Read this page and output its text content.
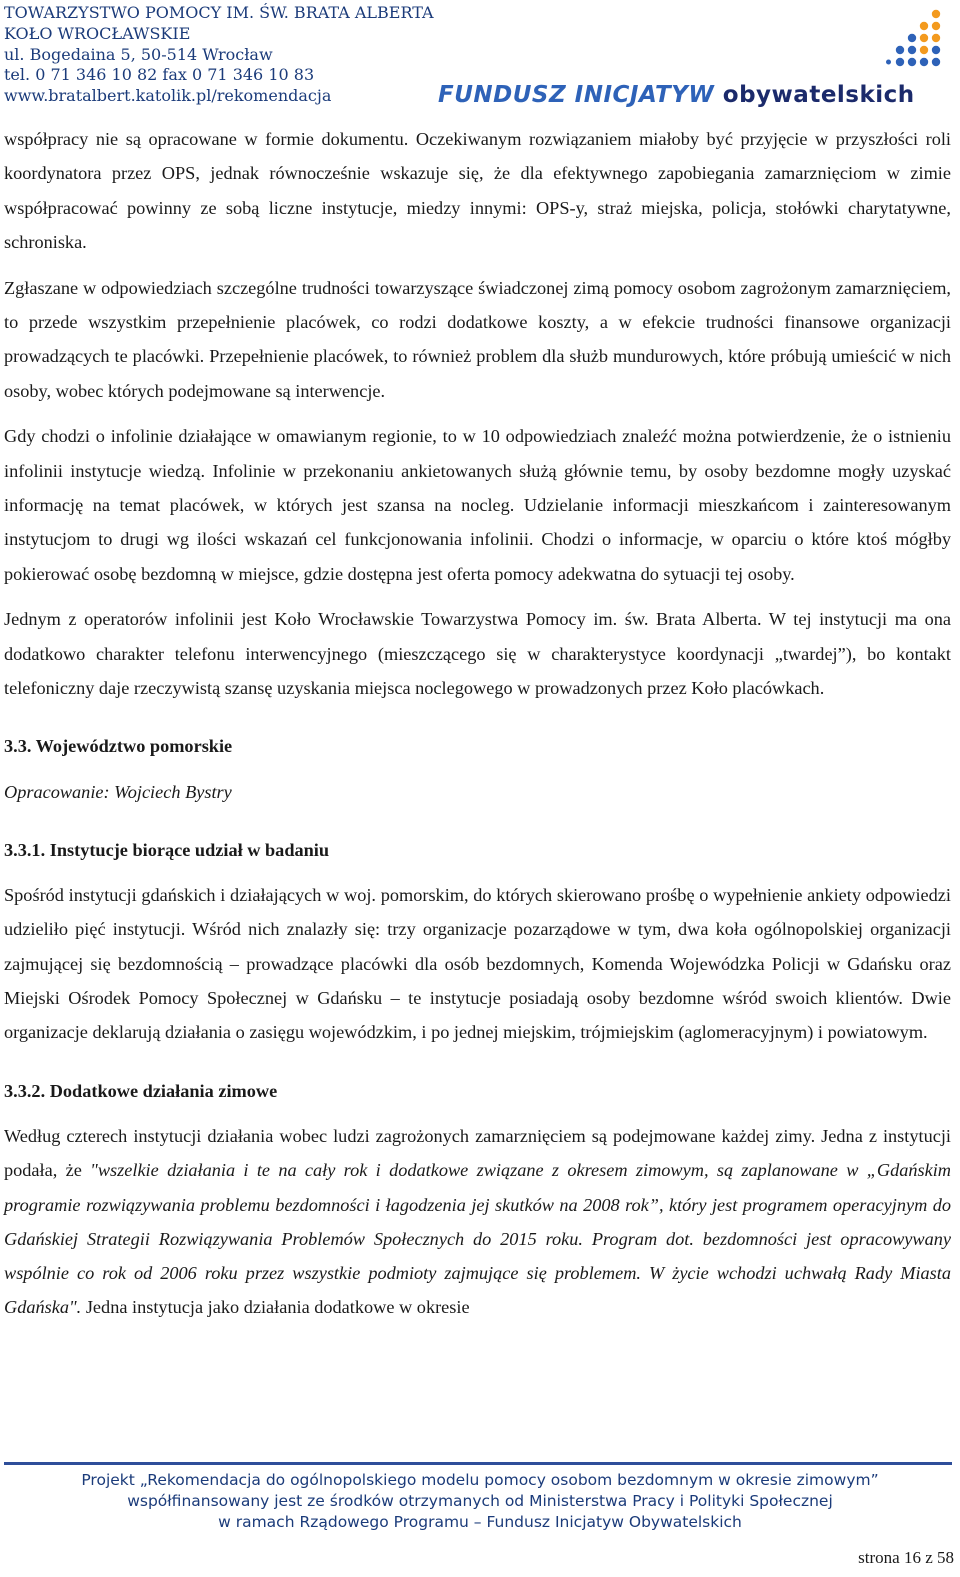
TOWARZYSTWO POMOCY IM. ŚW. BRATA ALBERTA
KOŁO WROCŁAWSKIE
ul. Bogedaina 5, 50-514 Wrocław
tel. 0 71 346 10 82 fax 0 71 346 10 83
www.bratalbert.katolik.pl/rekomendacja	FUNDUSZ INICJATYW obywatelskich

współpracy nie są opracowane w formie dokumentu. Oczekiwanym rozwiązaniem miałoby być przyjęcie w przyszłości roli koordynatora przez OPS, jednak równocześnie wskazuje się, że dla efektywnego zapobiegania zamarznięciom w zimie współpracować powinny ze sobą liczne instytucje, miedzy innymi: OPS-y, straż miejska, policja, stołówki charytatywne, schroniska.

Zgłaszane w odpowiedziach szczególne trudności towarzyszące świadczonej zimą pomocy osobom zagrożonym zamarznięciem, to przede wszystkim przepełnienie placówek, co rodzi dodatkowe koszty, a w efekcie trudności finansowe organizacji prowadzących te placówki. Przepełnienie placówek, to również problem dla służb mundurowych, które próbują umieścić w nich osoby, wobec których podejmowane są interwencje.

Gdy chodzi o infolinie działające w omawianym regionie, to w 10 odpowiedziach znaleźć można potwierdzenie, że o istnieniu infolinii instytucje wiedzą. Infolinie w przekonaniu ankietowanych służą głównie temu, by osoby bezdomne mogły uzyskać informację na temat placówek, w których jest szansa na nocleg. Udzielanie informacji mieszkańcom i zainteresowanym instytucjom to drugi wg ilości wskazań cel funkcjonowania infolinii. Chodzi o informacje, w oparciu o które ktoś mógłby pokierować osobę bezdomną w miejsce, gdzie dostępna jest oferta pomocy adekwatna do sytuacji tej osoby.

Jednym z operatorów infolinii jest Koło Wrocławskie Towarzystwa Pomocy im. św. Brata Alberta. W tej instytucji ma ona dodatkowo charakter telefonu interwencyjnego (mieszczącego się w charakterystyce koordynacji „twardej”), bo kontakt telefoniczny daje rzeczywistą szansę uzyskania miejsca noclegowego w prowadzonych przez Koło placówkach.

3.3. Województwo pomorskie
Opracowanie: Wojciech Bystry
3.3.1. Instytucje biorące udział w badaniu

Spośród instytucji gdańskich i działających w woj. pomorskim, do których skierowano prośbę o wypełnienie ankiety odpowiedzi udzieliło pięć instytucji. Wśród nich znalazły się: trzy organizacje pozarządowe w tym, dwa koła ogólnopolskiej organizacji zajmującej się bezdomnością – prowadzące placówki dla osób bezdomnych, Komenda Wojewódzka Policji w Gdańsku oraz Miejski Ośrodek Pomocy Społecznej w Gdańsku – te instytucje posiadają osoby bezdomne wśród swoich klientów. Dwie organizacje deklarują działania o zasięgu wojewódzkim, i po jednej miejskim, trójmiejskim (aglomeracyjnym) i powiatowym.

3.3.2. Dodatkowe działania zimowe

Według czterech instytucji działania wobec ludzi zagrożonych zamarznięciem są podejmowane każdej zimy. Jedna z instytucji podała, że "wszelkie działania i te na cały rok i dodatkowe związane z okresem zimowym, są zaplanowane w „Gdańskim programie rozwiązywania problemu bezdomności i łagodzenia jej skutków na 2008 rok”, który jest programem operacyjnym do Gdańskiej Strategii Rozwiązywania Problemów Społecznych do 2015 roku. Program dot. bezdomności jest opracowywany wspólnie co rok od 2006 roku przez wszystkie podmioty zajmujące się problemem. W życie wchodzi uchwałą Rady Miasta Gdańska". Jedna instytucja jako działania dodatkowe w okresie

Projekt „Rekomendacja do ogólnopolskiego modelu pomocy osobom bezdomnym w okresie zimowym”
współfinansowany jest ze środków otrzymanych od Ministerstwa Pracy i Polityki Społecznej
w ramach Rządowego Programu – Fundusz Inicjatyw Obywatelskich
strona 16 z 58
